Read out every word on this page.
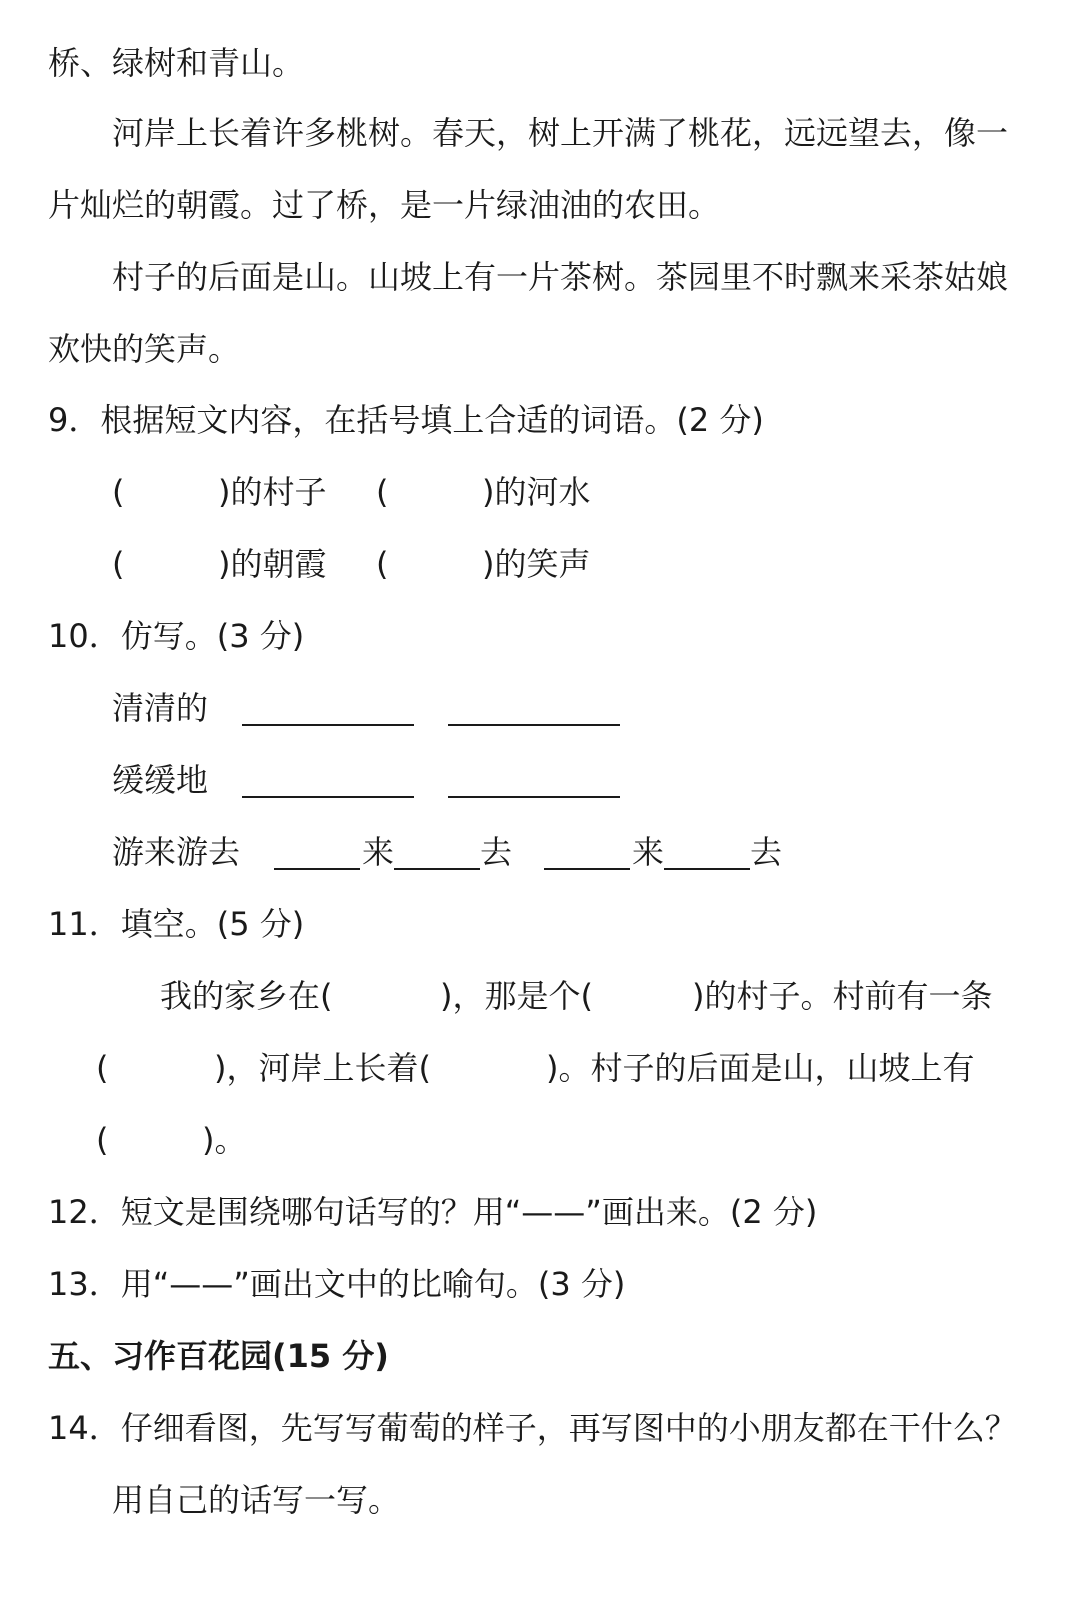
桥、绿树和青山。
河岸上长着许多桃树。春天，树上开满了桃花，远远望去，像一
片灿烂的朝霞。过了桥，是一片绿油油的农田。
村子的后面是山。山坡上有一片茶树。茶园里不时飘来采茶姑娘
欢快的笑声。
9．根据短文内容，在括号填上合适的词语。(2 分)
(	)的村子 (	)的河水
(	)的朝霞 (	)的笑声
10．仿写。(3 分)
清清的
缓缓地
游来游去	来	去	来	去
11．填空。(5 分)
我的家乡在(	)，那是个(	)的村子。村前有一条
(	)，河岸上长着(	)。村子的后面是山，山坡上有
(	)。
12．短文是围绕哪句话写的？用“——”画出来。(2 分)
13．用“——”画出文中的比喻句。(3 分)
五、习作百花园(15 分)
14．仔细看图，先写写葡萄的样子，再写图中的小朋友都在干什么？
用自己的话写一写。
